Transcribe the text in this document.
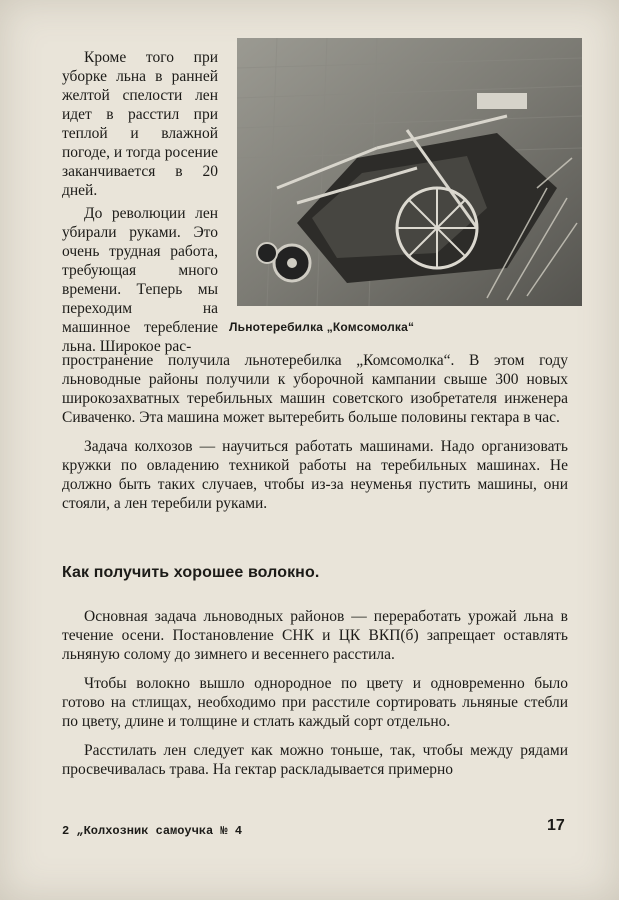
Кроме того при уборке льна в ранней желтой спелости лен идет в расстил при теплой и влажной погоде, и тогда росение заканчивается в 20 дней.

До революции лен убирали руками. Это очень трудная работа, требующая много времени. Теперь мы переходим на машинное теребление льна. Широкое рас-

Льнотеребилка „Комсомолка“

пространение получила льнотеребилка „Комсомолка“. В этом году льноводные районы получили к уборочной кампании свыше 300 новых широкозахватных теребильных машин советского изобретателя инженера Сиваченко. Эта машина может вытеребить больше половины гектара в час.

Задача колхозов — научиться работать машинами. Надо организовать кружки по овладению техникой работы на теребильных машинах. Не должно быть таких случаев, чтобы из-за неуменья пустить машины, они стояли, а лен теребили руками.

Как получить хорошее волокно.

Основная задача льноводных районов — переработать урожай льна в течение осени. Постановление СНК и ЦК ВКП(б) запрещает оставлять льняную солому до зимнего и весеннего расстила.

Чтобы волокно вышло однородное по цвету и одновременно было готово на стлищах, необходимо при расстиле сортировать льняные стебли по цвету, длине и толщине и стлать каждый сорт отдельно.

Расстилать лен следует как можно тоньше, так, чтобы между рядами просвечивалась трава. На гектар раскладывается примерно

2 „Колхозник самоучка № 4	17
